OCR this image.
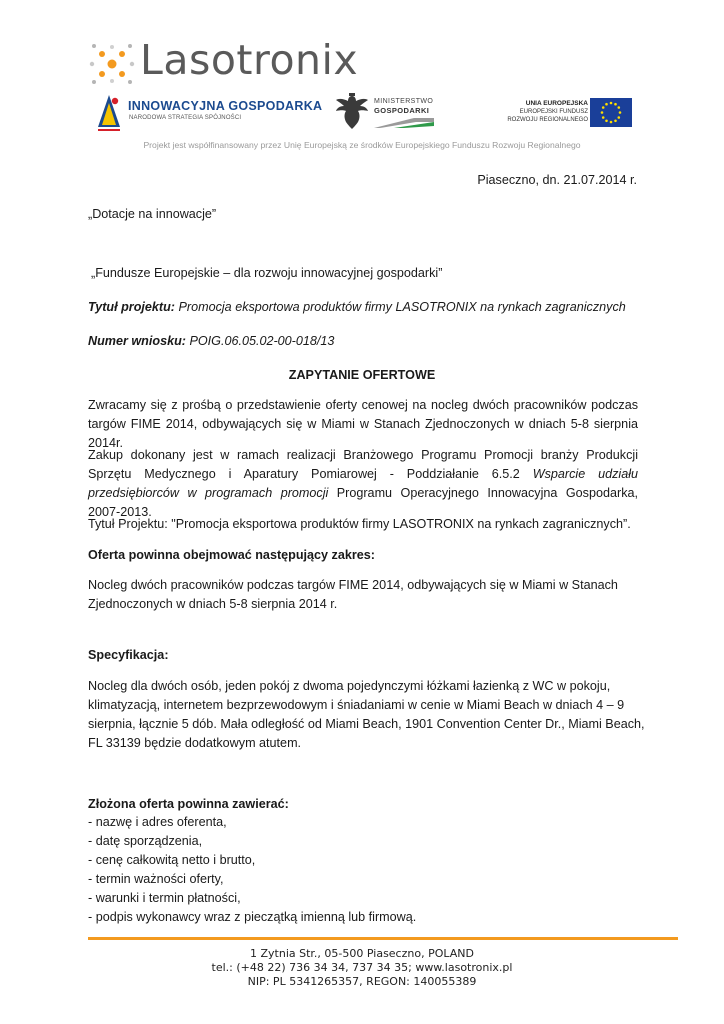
Lasotronix
INNOWACYJNA GOSPODARKA
NARODOWA STRATEGIA SPÓJNOŚCI
MINISTERSTWO
GOSPODARKI
UNIA EUROPEJSKA
EUROPEJSKI FUNDUSZ
ROZWOJU REGIONALNEGO
Projekt jest współfinansowany przez Unię Europejską ze środków Europejskiego Funduszu Rozwoju Regionalnego
Piaseczno, dn. 21.07.2014 r.
„Dotacje na innowacje”
„Fundusze Europejskie – dla rozwoju innowacyjnej gospodarki”
Tytuł projektu: Promocja eksportowa produktów firmy LASOTRONIX na rynkach zagranicznych
Numer wniosku: POIG.06.05.02-00-018/13
ZAPYTANIE OFERTOWE
Zwracamy się z prośbą o przedstawienie oferty cenowej na nocleg dwóch pracowników podczas targów FIME 2014, odbywających się w Miami w Stanach Zjednoczonych w dniach 5-8 sierpnia 2014r.
Zakup dokonany jest w ramach realizacji Branżowego Programu Promocji branży Produkcji Sprzętu Medycznego i Aparatury Pomiarowej - Poddziałanie 6.5.2 Wsparcie udziału przedsiębiorców w programach promocji Programu Operacyjnego Innowacyjna Gospodarka, 2007-2013.
Tytuł Projektu: "Promocja eksportowa produktów firmy LASOTRONIX na rynkach zagranicznych”.
Oferta powinna obejmować następujący zakres:
Nocleg dwóch pracowników podczas targów FIME 2014, odbywających się w Miami w Stanach
Zjednoczonych w dniach 5-8 sierpnia 2014 r.
Specyfikacja:
Nocleg dla dwóch osób, jeden pokój z dwoma pojedynczymi łóżkami łazienką z WC w pokoju,
klimatyzacją, internetem bezprzewodowym i śniadaniami w cenie w Miami Beach w dniach 4 – 9
sierpnia, łącznie 5 dób. Mała odległość od Miami Beach, 1901 Convention Center Dr., Miami Beach,
FL 33139 będzie dodatkowym atutem.
Złożona oferta powinna zawierać:
- nazwę i adres oferenta,
- datę sporządzenia,
- cenę całkowitą netto i brutto,
- termin ważności oferty,
- warunki i termin płatności,
- podpis wykonawcy wraz z pieczątką imienną lub firmową.
1 Zytnia Str., 05-500 Piaseczno, POLAND
tel.: (+48 22) 736 34 34, 737 34 35; www.lasotronix.pl
NIP: PL 5341265357, REGON: 140055389
